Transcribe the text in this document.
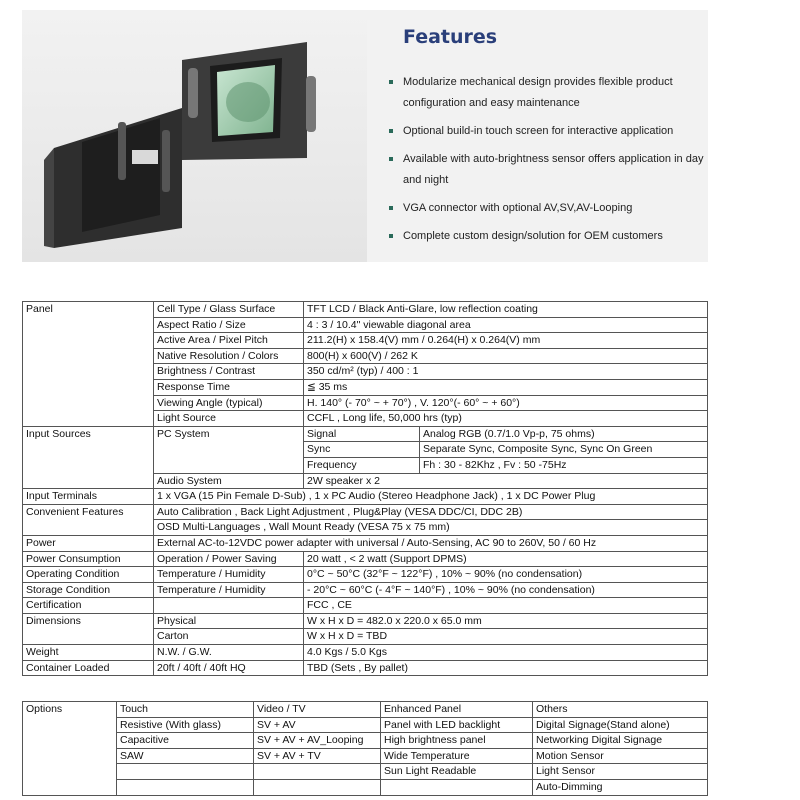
Features
Modularize mechanical design provides flexible product configuration and easy maintenance
Optional build-in touch screen for interactive application
Available with auto-brightness sensor offers application in day and night
VGA connector with optional AV,SV,AV-Looping
Complete custom design/solution for OEM customers
Panel	Cell Type / Glass Surface	TFT LCD / Black Anti-Glare, low reflection coating	
	Aspect Ratio / Size	4 : 3 / 10.4" viewable diagonal area	
	Active Area / Pixel Pitch	211.2(H) x 158.4(V) mm / 0.264(H) x 0.264(V) mm	
	Native Resolution / Colors	800(H) x 600(V) / 262 K	
	Brightness / Contrast	350 cd/m² (typ) / 400 : 1	
	Response Time	≦ 35 ms	
	Viewing Angle (typical)	H. 140° (- 70° ~ + 70°) , V. 120°(- 60° ~ + 60°)	
	Light Source	CCFL , Long life, 50,000 hrs (typ)	
Input Sources	PC System	Signal	Analog RGB (0.7/1.0 Vp-p, 75 ohms)
		Sync	Separate Sync, Composite Sync, Sync On Green
		Frequency	Fh : 30 - 82Khz , Fv : 50 -75Hz
	Audio System	2W speaker x 2	
Input Terminals	1 x VGA (15 Pin Female D-Sub) , 1 x PC Audio (Stereo Headphone Jack) , 1 x DC Power Plug		
Convenient Features	Auto Calibration , Back Light Adjustment , Plug&Play (VESA DDC/CI, DDC 2B)		
	OSD Multi-Languages , Wall Mount Ready (VESA 75 x 75 mm)		
Power	External AC-to-12VDC power adapter with universal / Auto-Sensing, AC 90 to 260V, 50 / 60 Hz		
Power Consumption	Operation / Power Saving	20 watt , < 2 watt (Support DPMS)	
Operating Condition	Temperature / Humidity	0°C ~ 50°C (32°F ~ 122°F) , 10% ~ 90% (no condensation)	
Storage Condition	Temperature / Humidity	- 20°C ~ 60°C (- 4°F ~ 140°F) , 10% ~ 90% (no condensation)	
Certification		FCC , CE	
Dimensions	Physical	W x H x D = 482.0 x 220.0 x 65.0 mm	
	Carton	W x H x D = TBD	
Weight	N.W. / G.W.	4.0 Kgs / 5.0 Kgs	
Container Loaded	20ft / 40ft / 40ft HQ	TBD (Sets , By pallet)	
Options	Touch	Video / TV	Enhanced Panel	Others
	Resistive (With glass)	SV + AV	Panel with LED backlight	Digital Signage(Stand alone)
	Capacitive	SV + AV + AV_Looping	High brightness panel	Networking Digital Signage
	SAW	SV + AV + TV	Wide Temperature	Motion Sensor
			Sun Light Readable	Light Sensor
				Auto-Dimming
